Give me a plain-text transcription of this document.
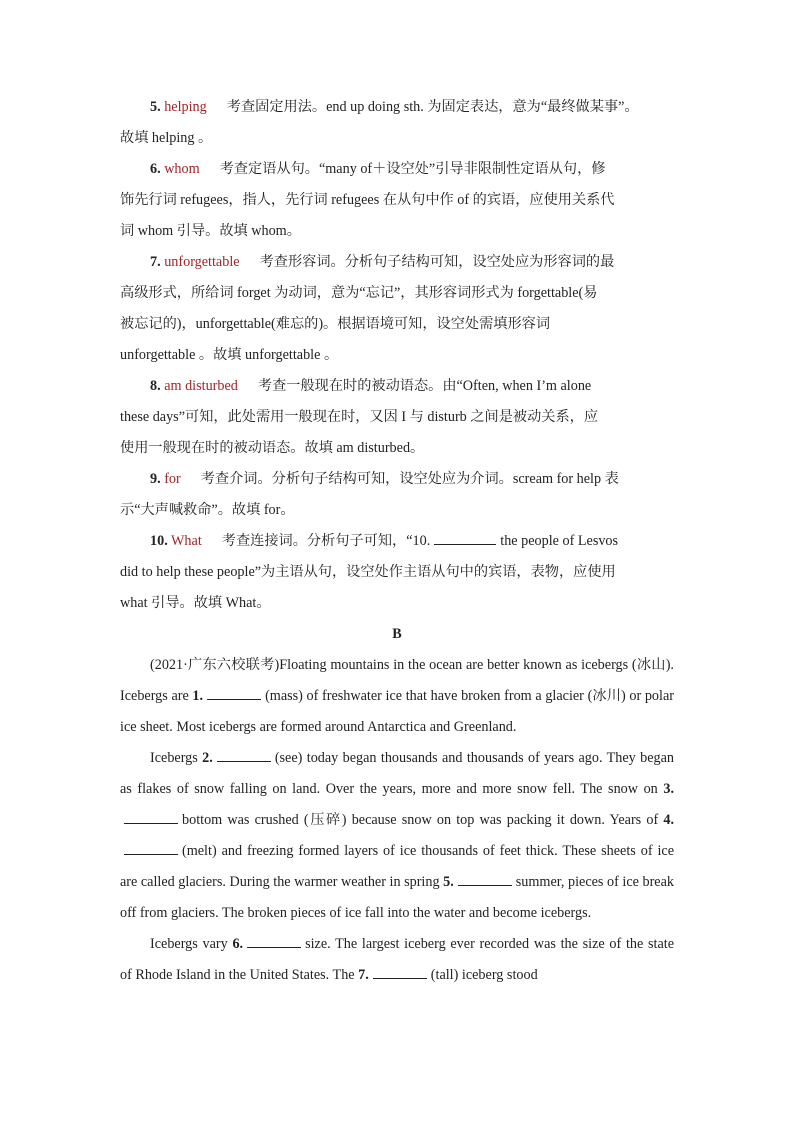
5. helping 考查固定用法。end up doing sth. 为固定表达，意为“最终做某事”。

故填 helping 。

6. whom 考查定语从句。“many of＋设空处”引导非限制性定语从句，修

饰先行词 refugees，指人，先行词 refugees 在从句中作 of 的宾语，应使用关系代

词 whom 引导。故填 whom。

7. unforgettable 考查形容词。分析句子结构可知，设空处应为形容词的最

高级形式，所给词 forget 为动词，意为“忘记”，其形容词形式为 forgettable(易

被忘记的)，unforgettable(难忘的)。根据语境可知，设空处需填形容词

unforgettable 。故填 unforgettable 。

8. am disturbed 考查一般现在时的被动语态。由“Often, when I’m alone

these days”可知，此处需用一般现在时，又因 I 与 disturb 之间是被动关系，应

使用一般现在时的被动语态。故填 am disturbed。

9. for 考查介词。分析句子结构可知，设空处应为介词。scream for help 表

示“大声喊救命”。故填 for。

10. What 考查连接词。分析句子可知，“10.	the people of Lesvos

did to help these people”为主语从句，设空处作主语从句中的宾语，表物，应使用

what 引导。故填 What。

B

(2021·广东六校联考)Floating mountains in the ocean are better known as icebergs (冰山). Icebergs are 1.	(mass) of freshwater ice that have broken from a glacier (冰川) or polar ice sheet. Most icebergs are formed around Antarctica and Greenland.

Icebergs 2.	(see) today began thousands and thousands of years ago. They began as flakes of snow falling on land. Over the years, more and more snow fell. The snow on 3.bottom was crushed (压碎) because snow on top was packing it down. Years of 4.(melt) and freezing formed layers of ice thousands of feet thick. These sheets of ice are called glaciers. During the warmer weather in spring 5.	summer, pieces of ice break off from glaciers. The broken pieces of ice fall into the water and become icebergs.

Icebergs vary 6.	size. The largest iceberg ever recorded was the size of the state of Rhode Island in the United States. The 7.	(tall) iceberg stood
